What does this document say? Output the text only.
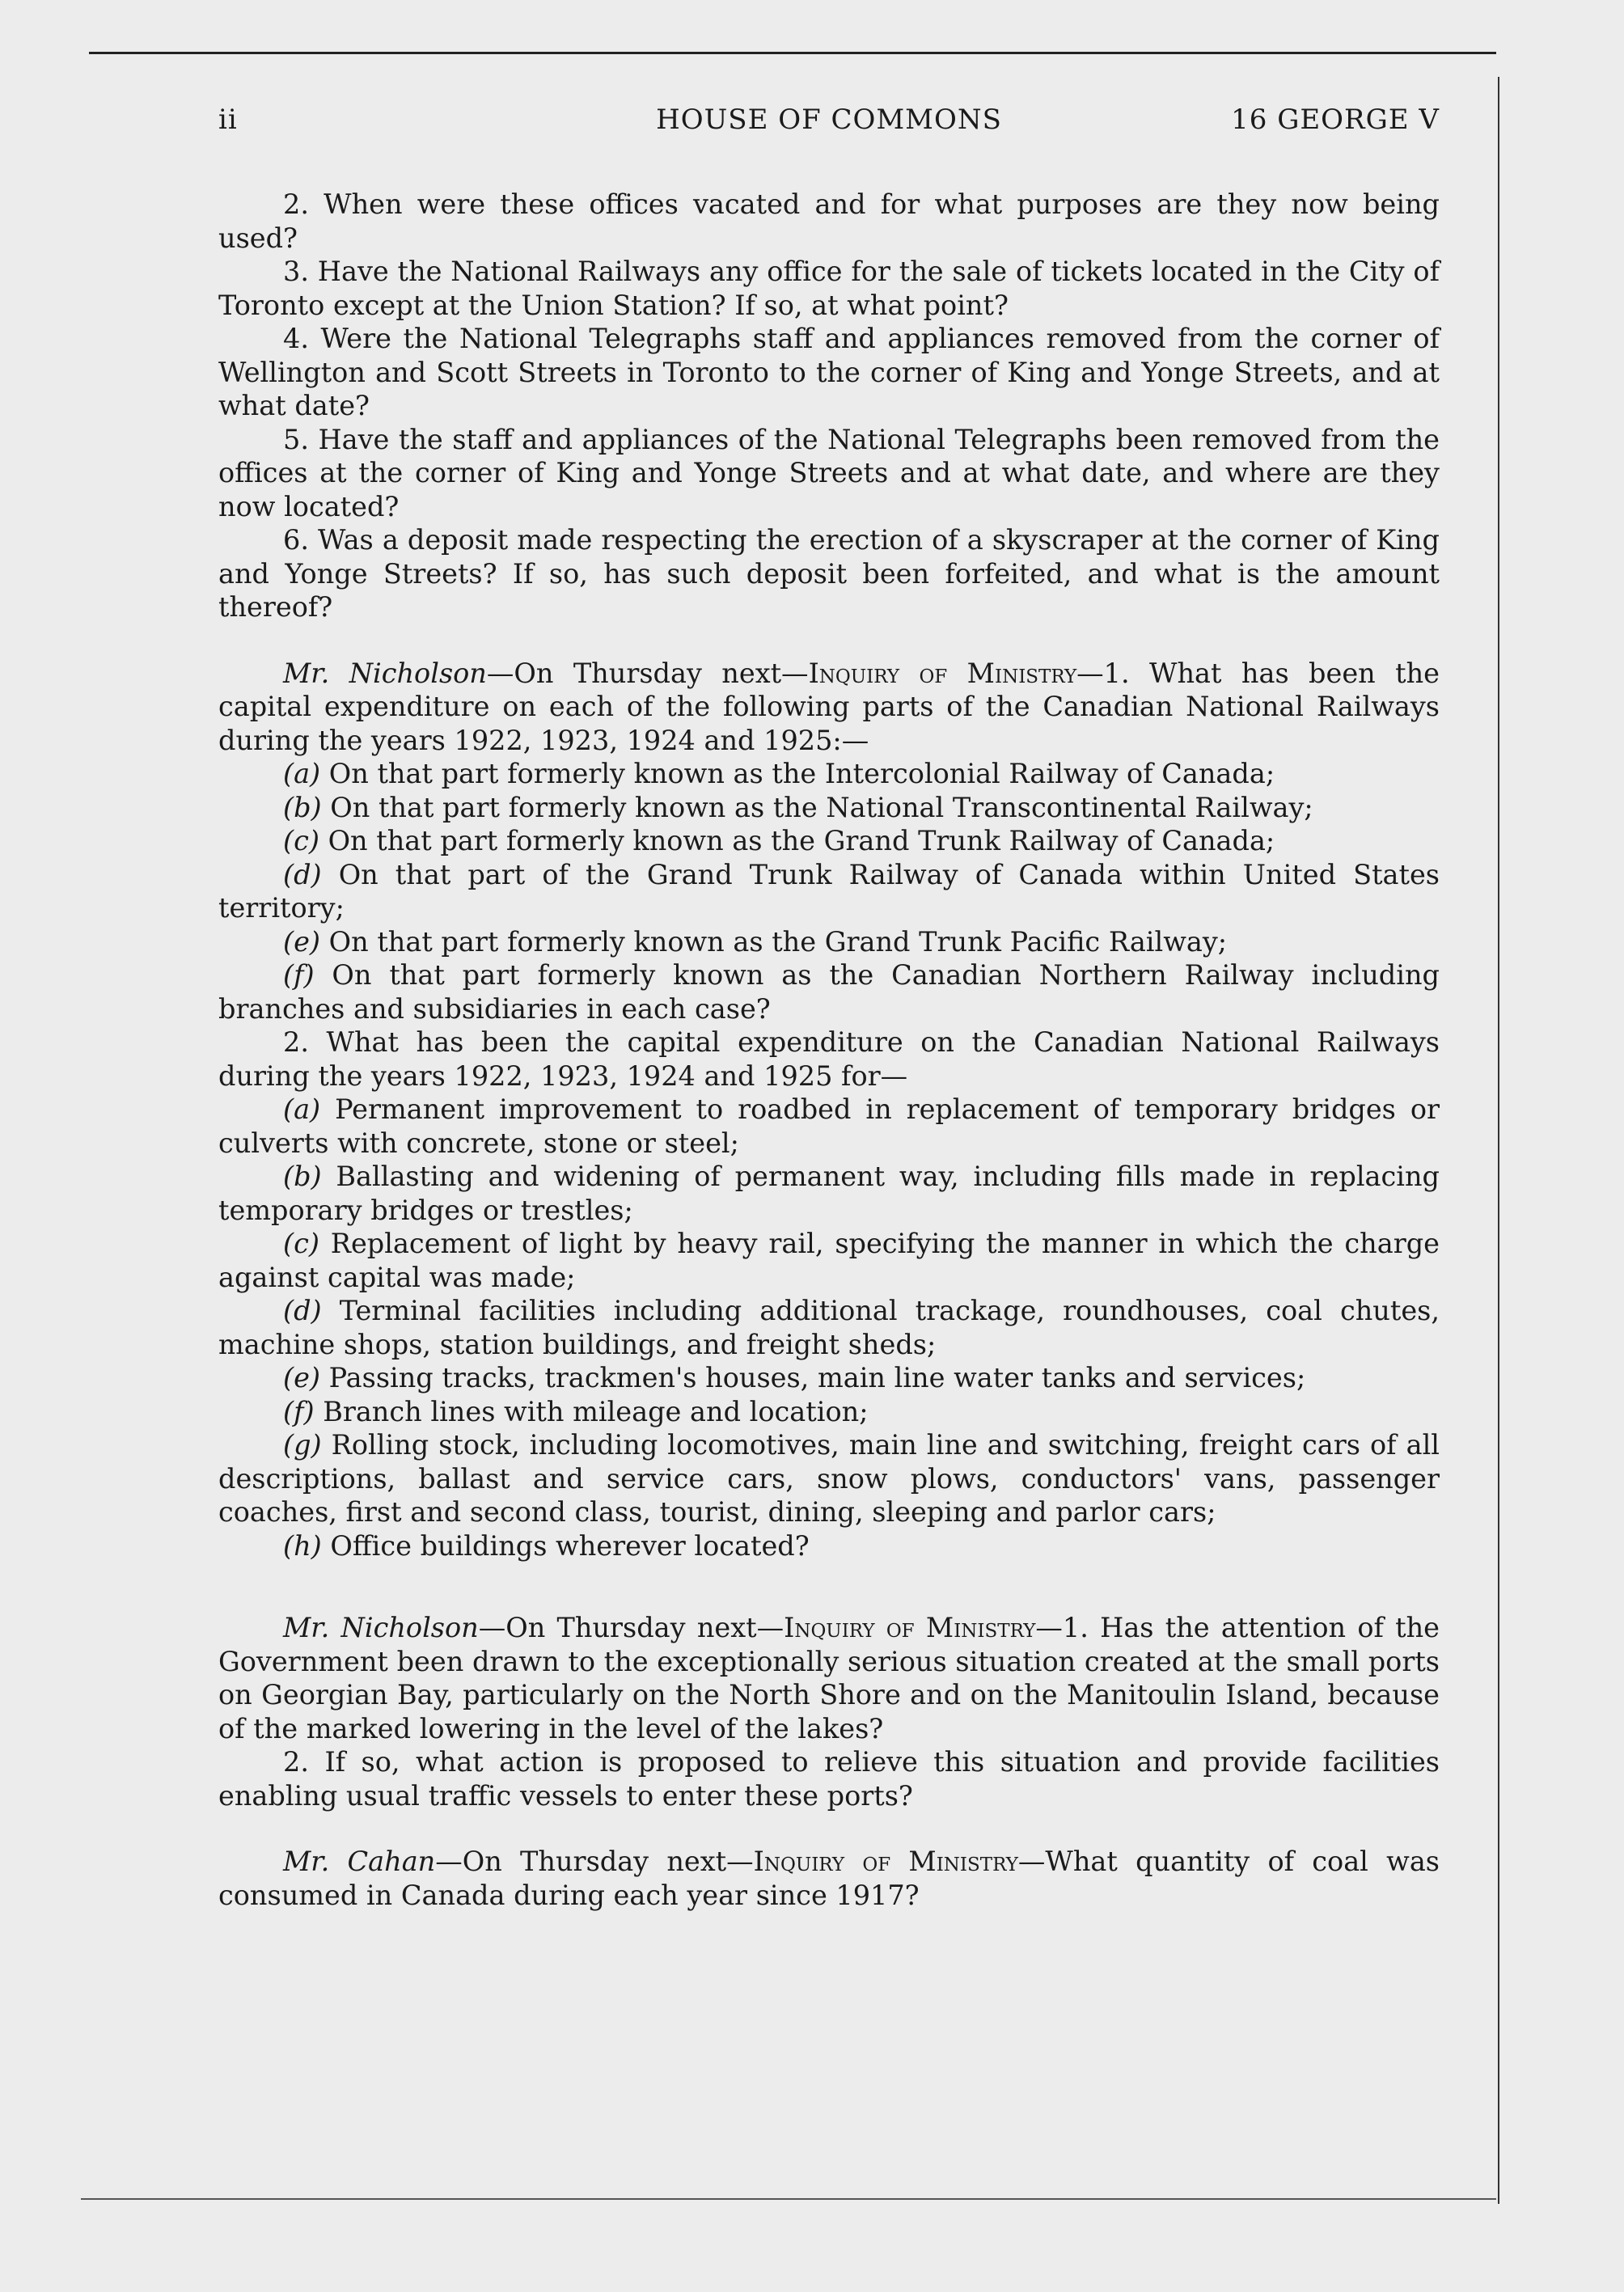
ii	HOUSE OF COMMONS	16 GEORGE V

2. When were these offices vacated and for what purposes are they now being used?

3. Have the National Railways any office for the sale of tickets located in the City of Toronto except at the Union Station? If so, at what point?

4. Were the National Telegraphs staff and appliances removed from the corner of Wellington and Scott Streets in Toronto to the corner of King and Yonge Streets, and at what date?

5. Have the staff and appliances of the National Telegraphs been removed from the offices at the corner of King and Yonge Streets and at what date, and where are they now located?

6. Was a deposit made respecting the erection of a skyscraper at the corner of King and Yonge Streets? If so, has such deposit been forfeited, and what is the amount thereof?

Mr. Nicholson—On Thursday next—Inquiry of Ministry—1. What has been the capital expenditure on each of the following parts of the Canadian National Railways during the years 1922, 1923, 1924 and 1925:—

(a) On that part formerly known as the Intercolonial Railway of Canada;

(b) On that part formerly known as the National Transcontinental Railway;

(c) On that part formerly known as the Grand Trunk Railway of Canada;

(d) On that part of the Grand Trunk Railway of Canada within United States territory;

(e) On that part formerly known as the Grand Trunk Pacific Railway;

(f) On that part formerly known as the Canadian Northern Railway including branches and subsidiaries in each case?

2. What has been the capital expenditure on the Canadian National Railways during the years 1922, 1923, 1924 and 1925 for—

(a) Permanent improvement to roadbed in replacement of temporary bridges or culverts with concrete, stone or steel;

(b) Ballasting and widening of permanent way, including fills made in replacing temporary bridges or trestles;

(c) Replacement of light by heavy rail, specifying the manner in which the charge against capital was made;

(d) Terminal facilities including additional trackage, roundhouses, coal chutes, machine shops, station buildings, and freight sheds;

(e) Passing tracks, trackmen's houses, main line water tanks and services;

(f) Branch lines with mileage and location;

(g) Rolling stock, including locomotives, main line and switching, freight cars of all descriptions, ballast and service cars, snow plows, conductors' vans, passenger coaches, first and second class, tourist, dining, sleeping and parlor cars;

(h) Office buildings wherever located?

Mr. Nicholson—On Thursday next—Inquiry of Ministry—1. Has the attention of the Government been drawn to the exceptionally serious situation created at the small ports on Georgian Bay, particularly on the North Shore and on the Manitoulin Island, because of the marked lowering in the level of the lakes?

2. If so, what action is proposed to relieve this situation and provide facilities enabling usual traffic vessels to enter these ports?

Mr. Cahan—On Thursday next—Inquiry of Ministry—What quantity of coal was consumed in Canada during each year since 1917?
